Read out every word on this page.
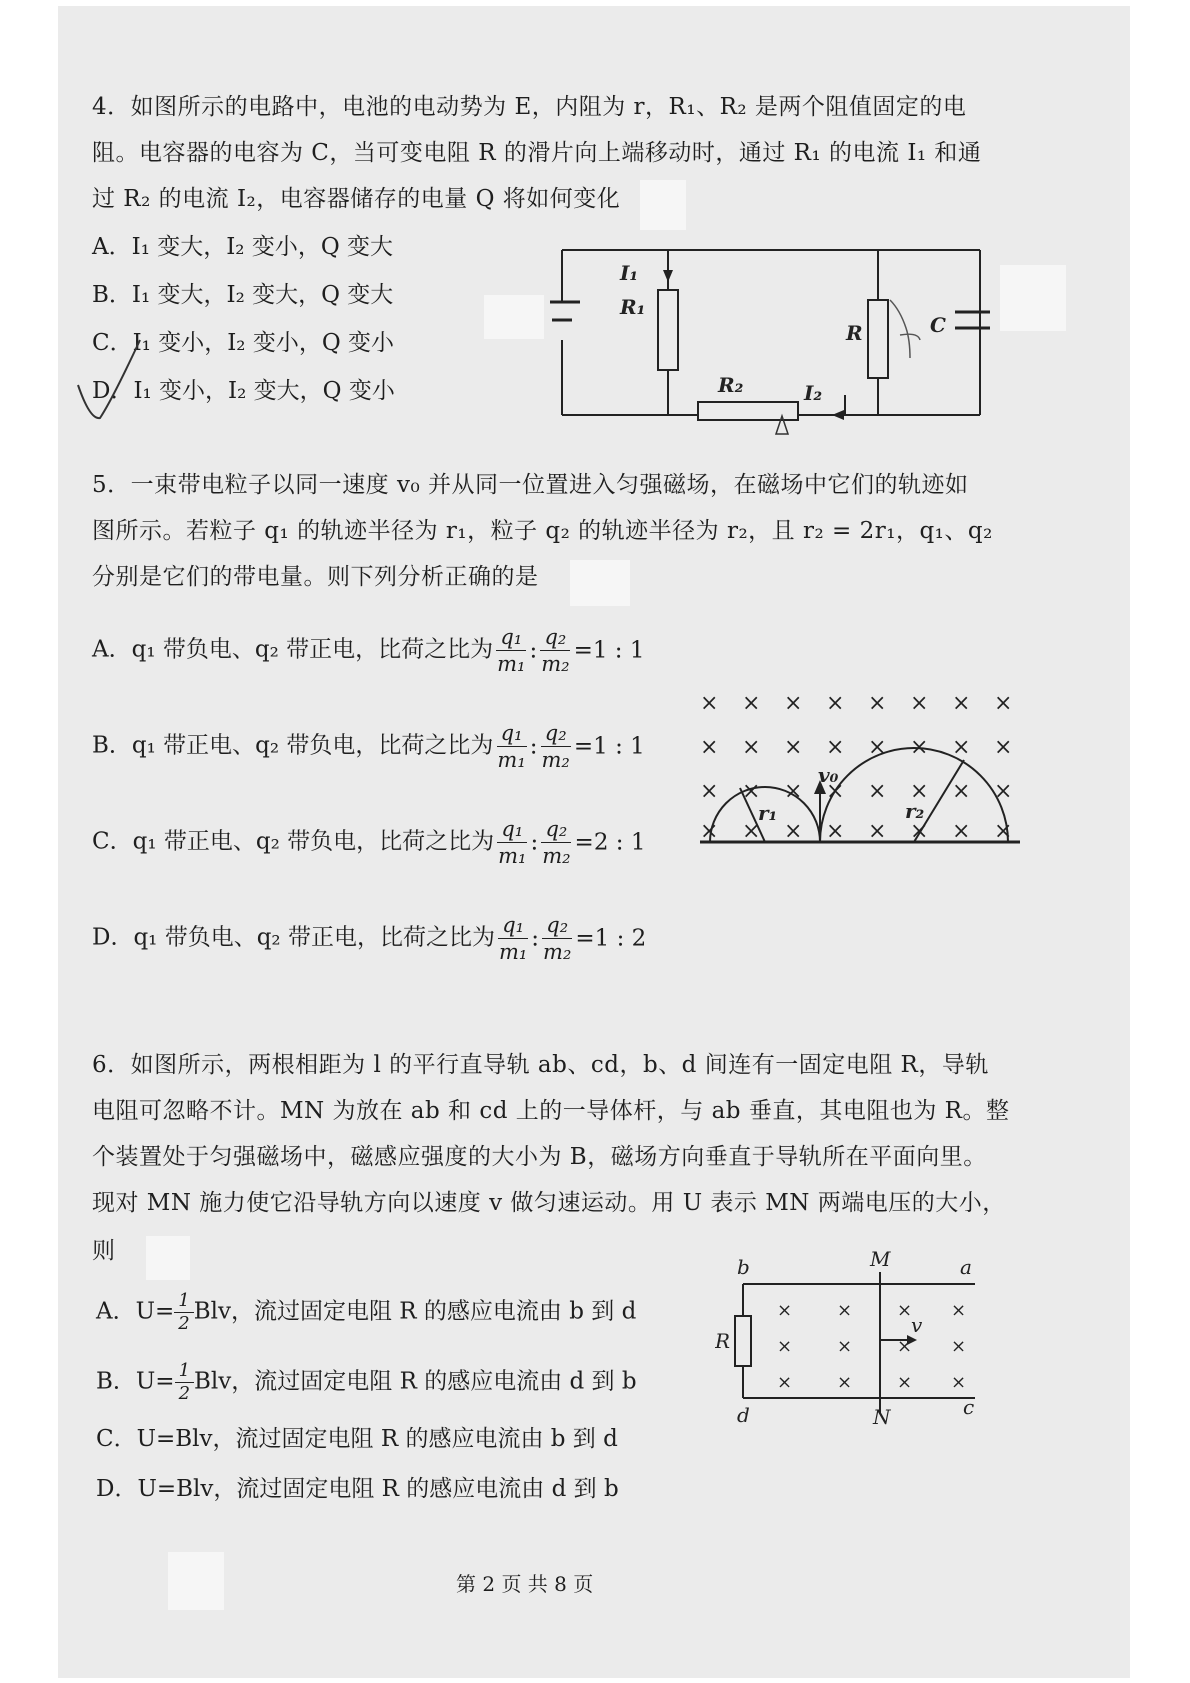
4．如图所示的电路中，电池的电动势为 E，内阻为 r，R₁、R₂ 是两个阻值固定的电
阻。电容器的电容为 C，当可变电阻 R 的滑片向上端移动时，通过 R₁ 的电流 I₁ 和通
过 R₂ 的电流 I₂，电容器储存的电量 Q 将如何变化
A．I₁ 变大，I₂ 变小，Q 变大
B．I₁ 变大，I₂ 变大，Q 变大
C．I₁ 变小，I₂ 变小，Q 变小
D．I₁ 变小，I₂ 变大，Q 变小
I₁
R₁
R₂	I₂
R	C
5．一束带电粒子以同一速度 v₀ 并从同一位置进入匀强磁场，在磁场中它们的轨迹如
图所示。若粒子 q₁ 的轨迹半径为 r₁，粒子 q₂ 的轨迹半径为 r₂，且 r₂ = 2r₁，q₁、q₂
分别是它们的带电量。则下列分析正确的是
A．q₁ 带负电、q₂ 带正电，比荷之比为 $\frac{\text{q₁}}{\text{m₁}}$ : $\frac{\text{q₂}}{\text{m₂}} =1$ : 1
B．q₁ 带正电、q₂ 带负电，比荷之比为 $\frac{\text{q₁}}{\text{m₁}}$ : $\frac{\text{q₂}}{\text{m₂}} =1$ : 1
C．q₁ 带正电、q₂ 带负电，比荷之比为 $\frac{\text{q₁}}{\text{m₁}}$ : $\frac{\text{q₂}}{\text{m₂}} =2$ : 1
D．q₁ 带负电、q₂ 带正电，比荷之比为 $\frac{\text{q₁}}{\text{m₁}}$ : $\frac{\text{q₂}}{\text{m₂}} =1$ : 2
× × × × × × × ×
× × × × × × × ×
× × × × × × × ×
× × × × × × × ×
v₀
r₁	r₂
6．如图所示，两根相距为 l 的平行直导轨 ab、cd，b、d 间连有一固定电阻 R，导轨
电阻可忽略不计。MN 为放在 ab 和 cd 上的一导体杆，与 ab 垂直，其电阻也为 R。整
个装置处于匀强磁场中，磁感应强度的大小为 B，磁场方向垂直于导轨所在平面向里。
现对 MN 施力使它沿导轨方向以速度 v 做匀速运动。用 U 表示 MN 两端电压的大小，
则
A．$U= \frac{1}{2}$ Blv，流过固定电阻 R 的感应电流由 b 到 d
B．$U= \frac{1}{2}$ Blv，流过固定电阻 R 的感应电流由 d 到 b
C．U=Blv，流过固定电阻 R 的感应电流由 b 到 d
D．U=Blv，流过固定电阻 R 的感应电流由 d 到 b
× × × ×
× × × ×
× × × ×
b	M	a
R
v
d	N	c
第 2 页 共 8 页
